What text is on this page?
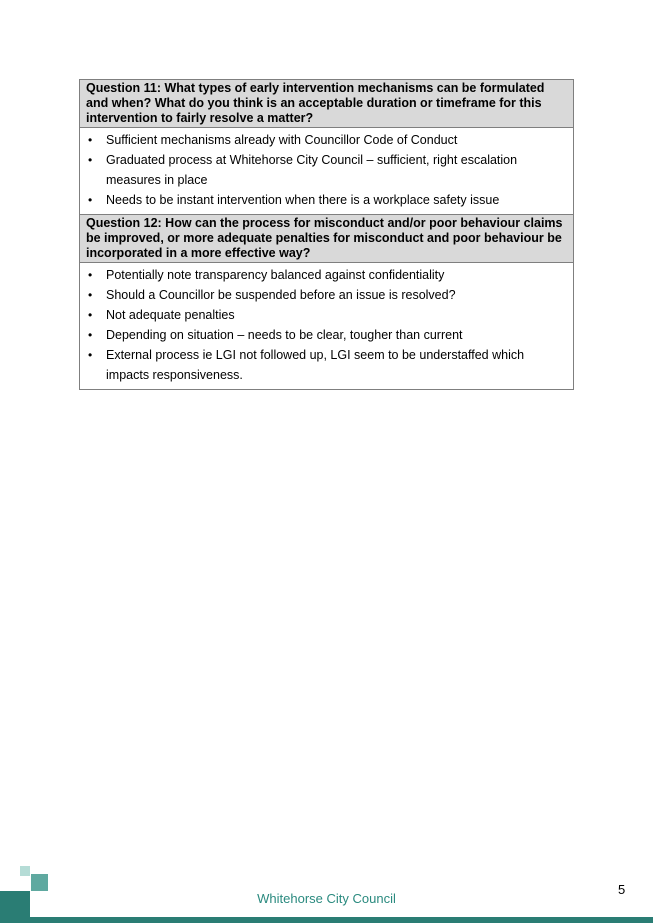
Question 11: What types of early intervention mechanisms can be formulated and when? What do you think is an acceptable duration or timeframe for this intervention to fairly resolve a matter?

• Sufficient mechanisms already with Councillor Code of Conduct
• Graduated process at Whitehorse City Council – sufficient, right escalation measures in place
• Needs to be instant intervention when there is a workplace safety issue

Question 12: How can the process for misconduct and/or poor behaviour claims be improved, or more adequate penalties for misconduct and poor behaviour be incorporated in a more effective way?

• Potentially note transparency balanced against confidentiality
• Should a Councillor be suspended before an issue is resolved?
• Not adequate penalties
• Depending on situation – needs to be clear, tougher than current
• External process ie LGI not followed up, LGI seem to be understaffed which impacts responsiveness.
Whitehorse City Council
5
